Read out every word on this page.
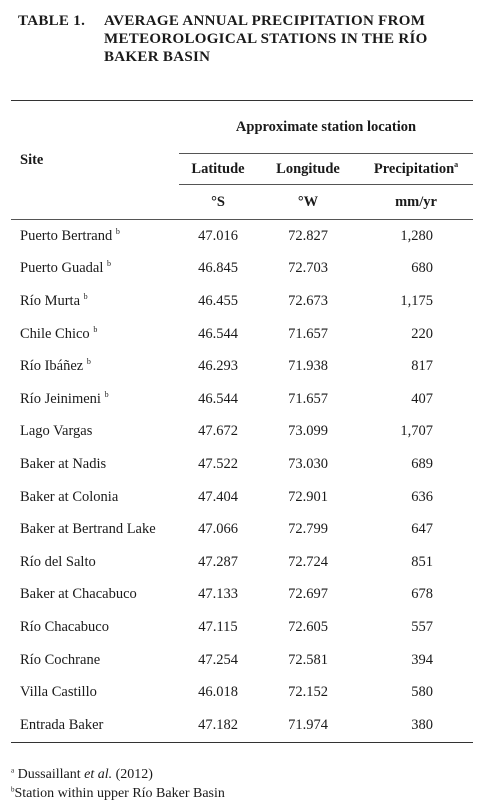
TABLE 1. AVERAGE ANNUAL PRECIPITATION FROM METEOROLOGICAL STATIONS IN THE RÍO BAKER BASIN
Site	Approximate station location		
	Latitude	Longitude	Precipitation$^a$
	°S	°W	mm/yr
Puerto Bertrand $^b$	47.016	72.827	1,280
Puerto Guadal $^b$	46.845	72.703	680
Río Murta $^b$	46.455	72.673	1,175
Chile Chico $^b$	46.544	71.657	220
Río Ibáñez $^b$	46.293	71.938	817
Río Jeinimeni $^b$	46.544	71.657	407
Lago Vargas	47.672	73.099	1,707
Baker at Nadis	47.522	73.030	689
Baker at Colonia	47.404	72.901	636
Baker at Bertrand Lake	47.066	72.799	647
Río del Salto	47.287	72.724	851
Baker at Chacabuco	47.133	72.697	678
Río Chacabuco	47.115	72.605	557
Río Cochrane	47.254	72.581	394
Villa Castillo	46.018	72.152	580
Entrada Baker	47.182	71.974	380
$^a$ Dussaillant et al. (2012)
$^b$Station within upper Río Baker Basin
